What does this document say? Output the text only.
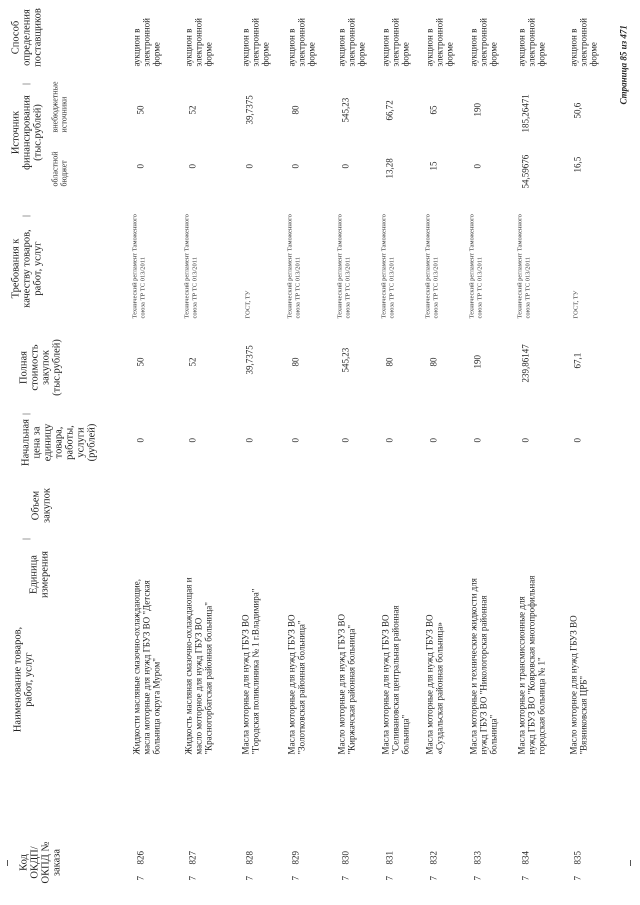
Код ОКДП/ ОКПД № заказа
Наименование товаров, работ, услуг
Единица измерения
Объем закупок
Начальная цена за единицу товара, работы, услуги (рублей)
Полная стоимость закупок (тыс.рублей)
Требования к качеству товаров, работ, услуг
Источник финансирования (тыс.рублей)
областной бюджет
внебюджетные источники
Способ определения поставщиков
7
826
Жидкости масляные смазочно-охлаждающие, масла моторные для нужд ГБУЗ ВО "Детская больница округа Муром"
0
50
Технический регламент Таможенного союза ТР ТС 013/2011
0
50
аукцион в электронной форме
7
827
Жидкость масляная смазочно-охлаждающая и масло моторное для нужд ГБУЗ ВО "Красногорбатская районная больница"
0
52
Технический регламент Таможенного союза ТР ТС 013/2011
0
52
аукцион в электронной форме
7
828
Масла моторные для нужд ГБУЗ ВО "Городская поликлиника № 1 г.Владимира"
0
39,7375
ГОСТ, ТУ
0
39,7375
аукцион в электронной форме
7
829
Масла моторные для нужд ГБУЗ ВО "Золотковская районная больница"
0
80
Технический регламент Таможенного союза ТР ТС 013/2011
0
80
аукцион в электронной форме
7
830
Масло моторные для нужд ГБУЗ ВО "Киржачская районная больница"
0
545,23
Технический регламент Таможенного союза ТР ТС 013/2011
0
545,23
аукцион в электронной форме
7
831
Масла моторные для нужд ГБУЗ ВО "Селивановская центральная районная больница"
0
80
Технический регламент Таможенного союза ТР ТС 013/2011
13,28
66,72
аукцион в электронной форме
7
832
Масла моторные для нужд ГБУЗ ВО «Суздальская районная больница»
0
80
Технический регламент Таможенного союза ТР ТС 013/2011
15
65
аукцион в электронной форме
7
833
Масла моторные и технические жидкости для нужд ГБУЗ ВО "Никологорская районная больница"
0
190
Технический регламент Таможенного союза ТР ТС 013/2011
0
190
аукцион в электронной форме
7
834
Масла моторные и трансмиссионные для нужд ГБУЗ ВО "Ковровская многопрофильная городская больница № 1"
0
239,86147
Технический регламент Таможенного союза ТР ТС 013/2011
54,59676
185,26471
аукцион в электронной форме
7
835
Масло моторное для нужд ГБУЗ ВО "Вязниковская ЦРБ"
0
67,1
ГОСТ, ТУ
16,5
50,6
аукцион в электронной форме Страница 85 из 471
